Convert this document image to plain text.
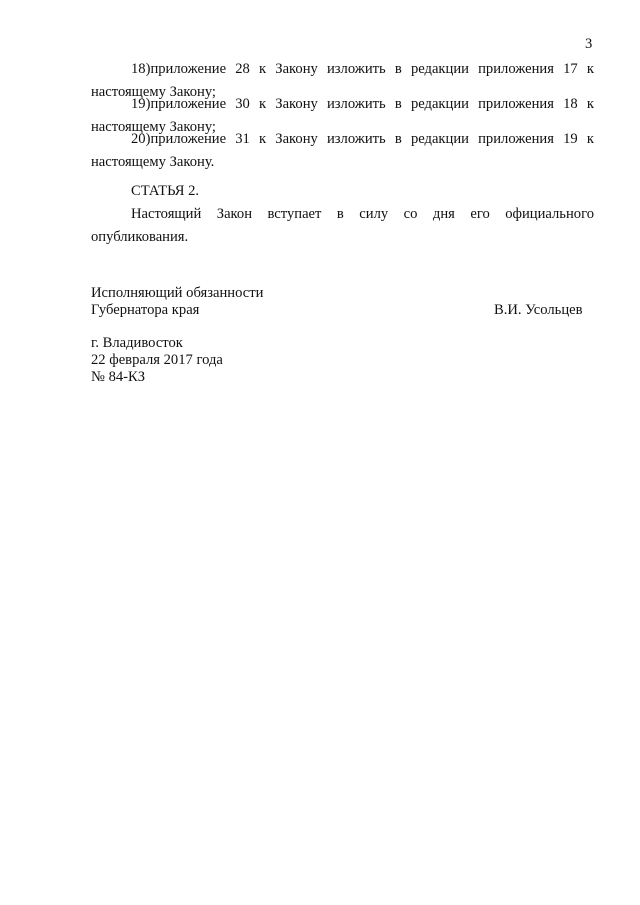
3
18)приложение 28 к Закону изложить в редакции приложения 17 к
настоящему Закону;
19)приложение 30 к Закону изложить в редакции приложения 18 к
настоящему Закону;
20)приложение 31 к Закону изложить в редакции приложения 19 к
настоящему Закону.
СТАТЬЯ 2.
Настоящий Закон вступает в силу со дня его официального
опубликования.
Исполняющий обязанности
Губернатора края	В.И. Усольцев
г. Владивосток
22 февраля 2017 года
№ 84-КЗ
